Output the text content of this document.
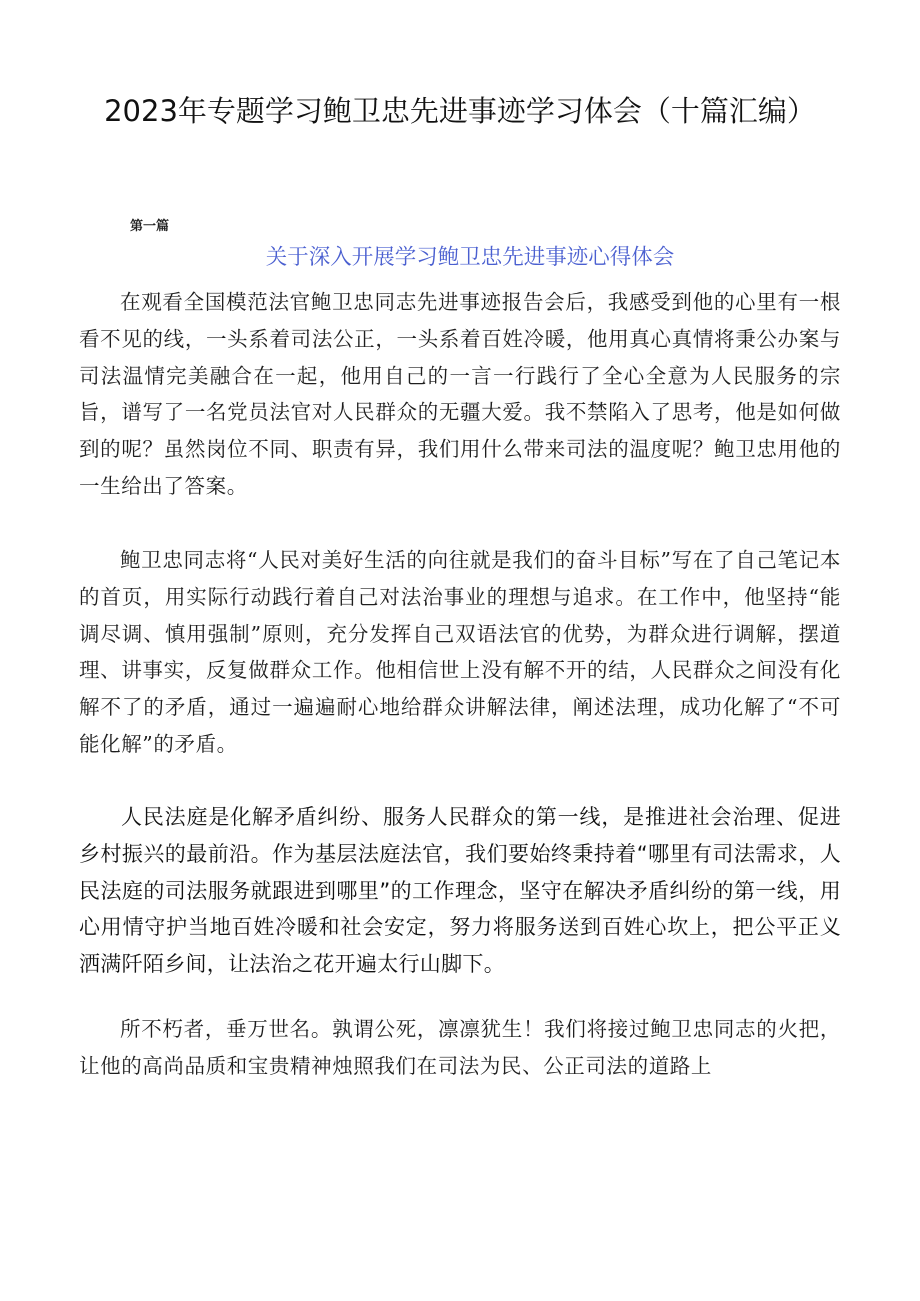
2023年专题学习鲍卫忠先进事迹学习体会（十篇汇编）
第一篇
关于深入开展学习鲍卫忠先进事迹心得体会

在观看全国模范法官鲍卫忠同志先进事迹报告会后，我感受到他的心里有一根看不见的线，一头系着司法公正，一头系着百姓冷暖，他用真心真情将秉公办案与司法温情完美融合在一起，他用自己的一言一行践行了全心全意为人民服务的宗旨，谱写了一名党员法官对人民群众的无疆大爱。我不禁陷入了思考，他是如何做到的呢？虽然岗位不同、职责有异，我们用什么带来司法的温度呢？鲍卫忠用他的一生给出了答案。

鲍卫忠同志将“人民对美好生活的向往就是我们的奋斗目标”写在了自己笔记本的首页，用实际行动践行着自己对法治事业的理想与追求。在工作中，他坚持“能调尽调、慎用强制”原则，充分发挥自己双语法官的优势，为群众进行调解，摆道理、讲事实，反复做群众工作。他相信世上没有解不开的结，人民群众之间没有化解不了的矛盾，通过一遍遍耐心地给群众讲解法律，阐述法理，成功化解了“不可能化解”的矛盾。

人民法庭是化解矛盾纠纷、服务人民群众的第一线，是推进社会治理、促进乡村振兴的最前沿。作为基层法庭法官，我们要始终秉持着“哪里有司法需求，人民法庭的司法服务就跟进到哪里”的工作理念，坚守在解决矛盾纠纷的第一线，用心用情守护当地百姓冷暖和社会安定，努力将服务送到百姓心坎上，把公平正义洒满阡陌乡间，让法治之花开遍太行山脚下。

所不朽者，垂万世名。孰谓公死，凛凛犹生！我们将接过鲍卫忠同志的火把，让他的高尚品质和宝贵精神烛照我们在司法为民、公正司法的道路上
